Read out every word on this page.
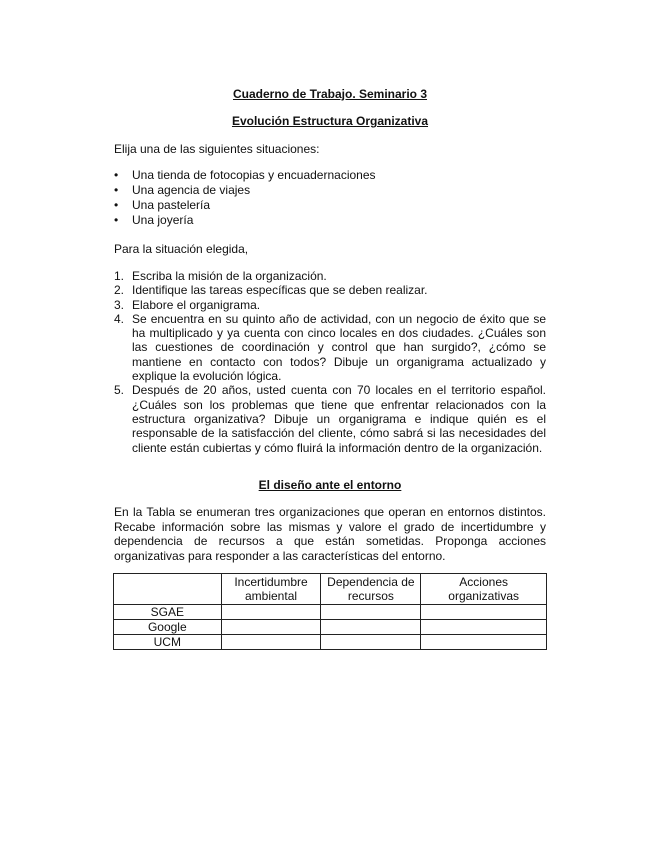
Cuaderno de Trabajo. Seminario 3

Evolución Estructura Organizativa

Elija una de las siguientes situaciones:

• Una tienda de fotocopias y encuadernaciones
• Una agencia de viajes
• Una pastelería
• Una joyería

Para la situación elegida,

1. Escriba la misión de la organización.
2. Identifique las tareas específicas que se deben realizar.
3. Elabore el organigrama.
4. Se encuentra en su quinto año de actividad, con un negocio de éxito que se ha multiplicado y ya cuenta con cinco locales en dos ciudades. ¿Cuáles son las cuestiones de coordinación y control que han surgido?, ¿cómo se mantiene en contacto con todos? Dibuje un organigrama actualizado y explique la evolución lógica.
5. Después de 20 años, usted cuenta con 70 locales en el territorio español. ¿Cuáles son los problemas que tiene que enfrentar relacionados con la estructura organizativa? Dibuje un organigrama e indique quién es el responsable de la satisfacción del cliente, cómo sabrá si las necesidades del cliente están cubiertas y cómo fluirá la información dentro de la organización.

El diseño ante el entorno

En la Tabla se enumeran tres organizaciones que operan en entornos distintos. Recabe información sobre las mismas y valore el grado de incertidumbre y dependencia de recursos a que están sometidas. Proponga acciones organizativas para responder a las características del entorno.

	Incertidumbre ambiental	Dependencia de recursos	Acciones organizativas
SGAE			
Google			
UCM			
